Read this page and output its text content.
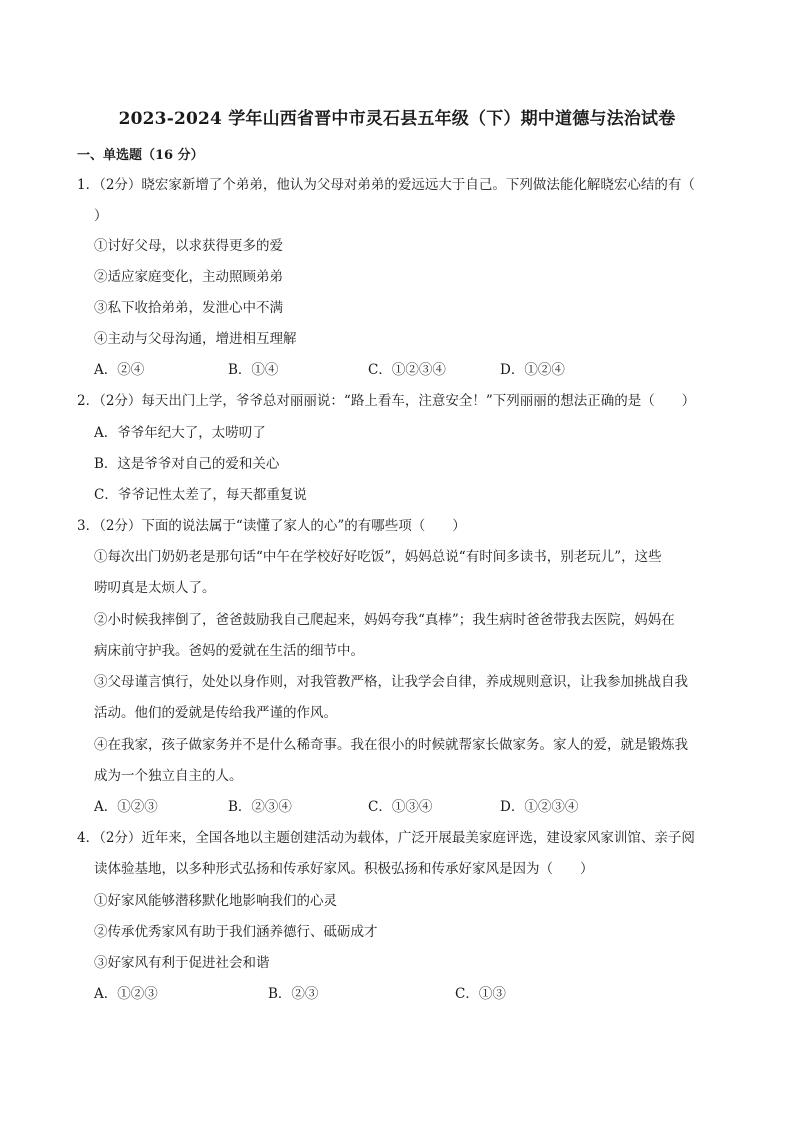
2023-2024 学年山西省晋中市灵石县五年级（下）期中道德与法治试卷
一、单选题（16 分）
1．（2分）晓宏家新增了个弟弟，他认为父母对弟弟的爱远远大于自己。下列做法能化解晓宏心结的有（
）
①讨好父母，以求获得更多的爱
②适应家庭变化，主动照顾弟弟
③私下收拾弟弟，发泄心中不满
④主动与父母沟通，增进相互理解
A．②④	B．①④	C．①②③④	D．①②④
2．（2分）每天出门上学，爷爷总对丽丽说：“路上看车，注意安全！”下列丽丽的想法正确的是（　　）
A．爷爷年纪大了，太唠叨了
B．这是爷爷对自己的爱和关心
C．爷爷记性太差了，每天都重复说
3．（2分）下面的说法属于“读懂了家人的心”的有哪些项（　　）
①每次出门奶奶老是那句话“中午在学校好好吃饭”，妈妈总说“有时间多读书，别老玩儿”，这些
唠叨真是太烦人了。
②小时候我摔倒了，爸爸鼓励我自己爬起来，妈妈夸我“真棒”；我生病时爸爸带我去医院，妈妈在
病床前守护我。爸妈的爱就在生活的细节中。
③父母谨言慎行，处处以身作则，对我管教严格，让我学会自律，养成规则意识，让我参加挑战自我
活动。他们的爱就是传给我严谨的作风。
④在我家，孩子做家务并不是什么稀奇事。我在很小的时候就帮家长做家务。家人的爱，就是锻炼我
成为一个独立自主的人。
A．①②③	B．②③④	C．①③④	D．①②③④
4．（2分）近年来，全国各地以主题创建活动为载体，广泛开展最美家庭评选，建设家风家训馆、亲子阅
读体验基地，以多种形式弘扬和传承好家风。积极弘扬和传承好家风是因为（　　）
①好家风能够潜移默化地影响我们的心灵
②传承优秀家风有助于我们涵养德行、砥砺成才
③好家风有利于促进社会和谐
A．①②③	B．②③	C．①③
